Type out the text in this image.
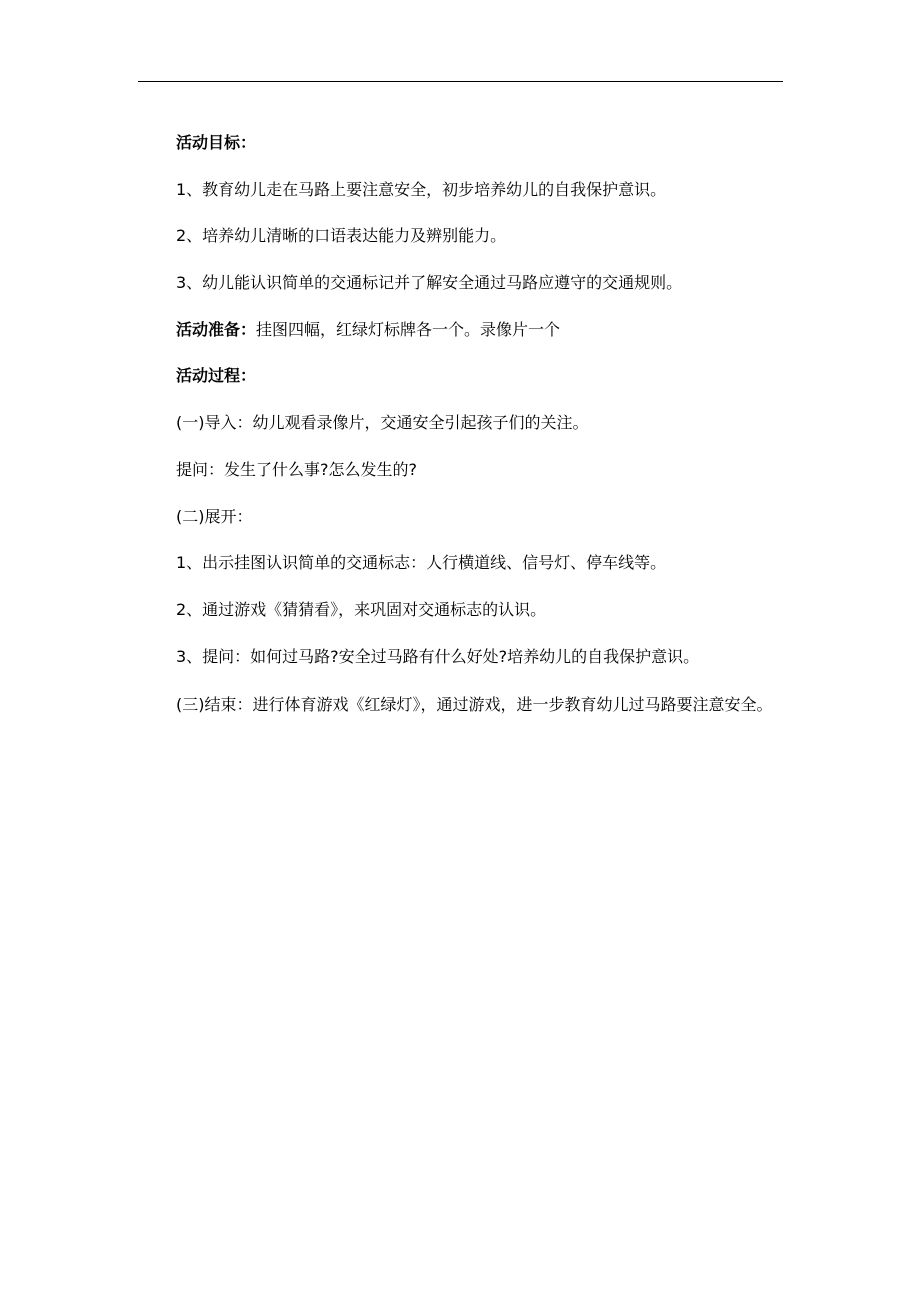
活动目标：
1、教育幼儿走在马路上要注意安全，初步培养幼儿的自我保护意识。
2、培养幼儿清晰的口语表达能力及辨别能力。
3、幼儿能认识简单的交通标记并了解安全通过马路应遵守的交通规则。
活动准备：挂图四幅，红绿灯标牌各一个。录像片一个
活动过程：
(一)导入：幼儿观看录像片，交通安全引起孩子们的关注。
提问：发生了什么事?怎么发生的?
(二)展开：
1、出示挂图认识简单的交通标志：人行横道线、信号灯、停车线等。
2、通过游戏《猜猜看》，来巩固对交通标志的认识。
3、提问：如何过马路?安全过马路有什么好处?培养幼儿的自我保护意识。
(三)结束：进行体育游戏《红绿灯》，通过游戏，进一步教育幼儿过马路要注意安全。
